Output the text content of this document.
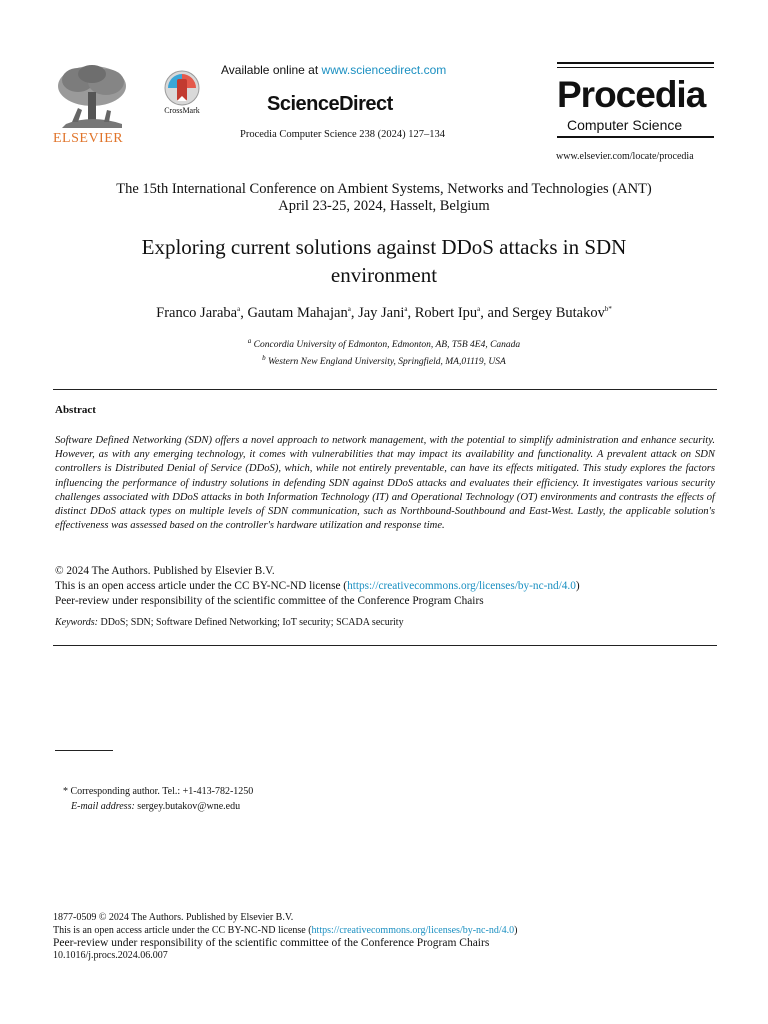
ELSEVIER
CrossMark
Available online at www.sciencedirect.com
ScienceDirect
Procedia Computer Science 238 (2024) 127–134
Procedia
Computer Science
www.elsevier.com/locate/procedia
The 15th International Conference on Ambient Systems, Networks and Technologies (ANT)
April 23-25, 2024, Hasselt, Belgium
Exploring current solutions against DDoS attacks in SDN
environment
Franco Jaraba$^a$, Gautam Mahajan$^a$, Jay Jani$^a$, Robert Ipu$^a$, and Sergey Butakov$^{b*}$
$^a$ Concordia University of Edmonton, Edmonton, AB, T5B 4E4, Canada
$^b$ Western New England University, Springfield, MA,01119, USA
Abstract
Software Defined Networking (SDN) offers a novel approach to network management, with the potential to simplify administration and enhance security. However, as with any emerging technology, it comes with vulnerabilities that may impact its availability and functionality. A prevalent attack on SDN controllers is Distributed Denial of Service (DDoS), which, while not entirely preventable, can have its effects mitigated. This study explores the factors influencing the performance of industry solutions in defending SDN against DDoS attacks and evaluates their efficiency. It investigates various security challenges associated with DDoS attacks in both Information Technology (IT) and Operational Technology (OT) environments and contrasts the effects of distinct DDoS attack types on multiple levels of SDN communication, such as Northbound-Southbound and East-West. Lastly, the applicable solution's effectiveness was assessed based on the controller's hardware utilization and response time.
© 2024 The Authors. Published by Elsevier B.V.
This is an open access article under the CC BY-NC-ND license (https://creativecommons.org/licenses/by-nc-nd/4.0)
Peer-review under responsibility of the scientific committee of the Conference Program Chairs
Keywords: DDoS; SDN; Software Defined Networking; IoT security; SCADA security
* Corresponding author. Tel.: +1-413-782-1250
E-mail address: sergey.butakov@wne.edu
1877-0509 © 2024 The Authors. Published by Elsevier B.V.
This is an open access article under the CC BY-NC-ND license (https://creativecommons.org/licenses/by-nc-nd/4.0)
Peer-review under responsibility of the scientific committee of the Conference Program Chairs
10.1016/j.procs.2024.06.007
